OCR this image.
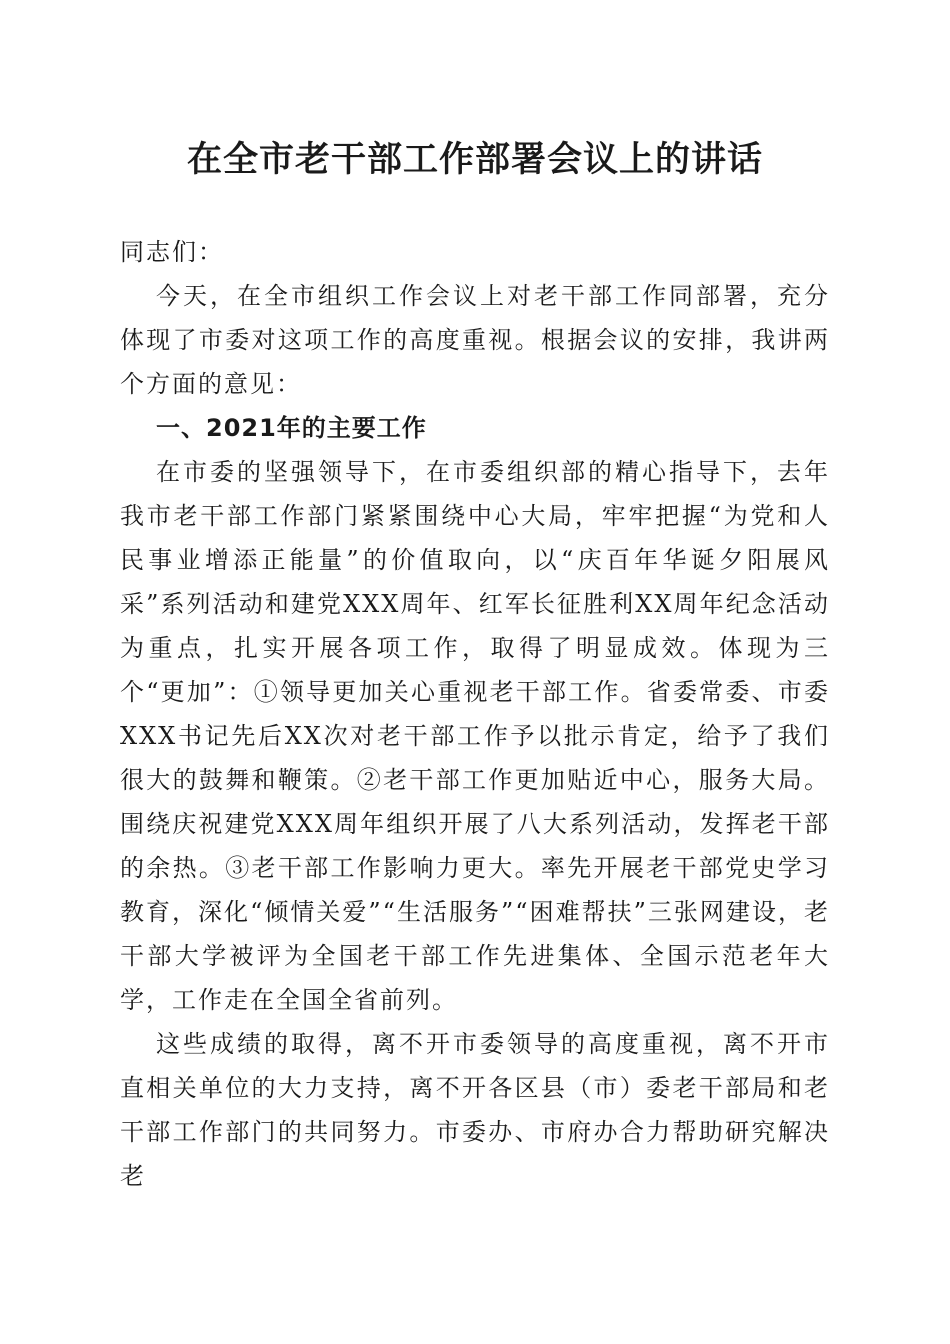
在全市老干部工作部署会议上的讲话

同志们：

今天，在全市组织工作会议上对老干部工作同部署，充分体现了市委对这项工作的高度重视。根据会议的安排，我讲两个方面的意见：

一、2021年的主要工作

在市委的坚强领导下，在市委组织部的精心指导下，去年我市老干部工作部门紧紧围绕中心大局，牢牢把握“为党和人民事业增添正能量”的价值取向，以“庆百年华诞夕阳展风采”系列活动和建党XXX周年、红军长征胜利XX周年纪念活动为重点，扎实开展各项工作，取得了明显成效。体现为三个“更加”：①领导更加关心重视老干部工作。省委常委、市委XXX书记先后XX次对老干部工作予以批示肯定，给予了我们很大的鼓舞和鞭策。②老干部工作更加贴近中心，服务大局。围绕庆祝建党XXX周年组织开展了八大系列活动，发挥老干部的余热。③老干部工作影响力更大。率先开展老干部党史学习教育，深化“倾情关爱”“生活服务”“困难帮扶”三张网建设，老干部大学被评为全国老干部工作先进集体、全国示范老年大学，工作走在全国全省前列。

这些成绩的取得，离不开市委领导的高度重视，离不开市直相关单位的大力支持，离不开各区县（市）委老干部局和老干部工作部门的共同努力。市委办、市府办合力帮助研究解决老
